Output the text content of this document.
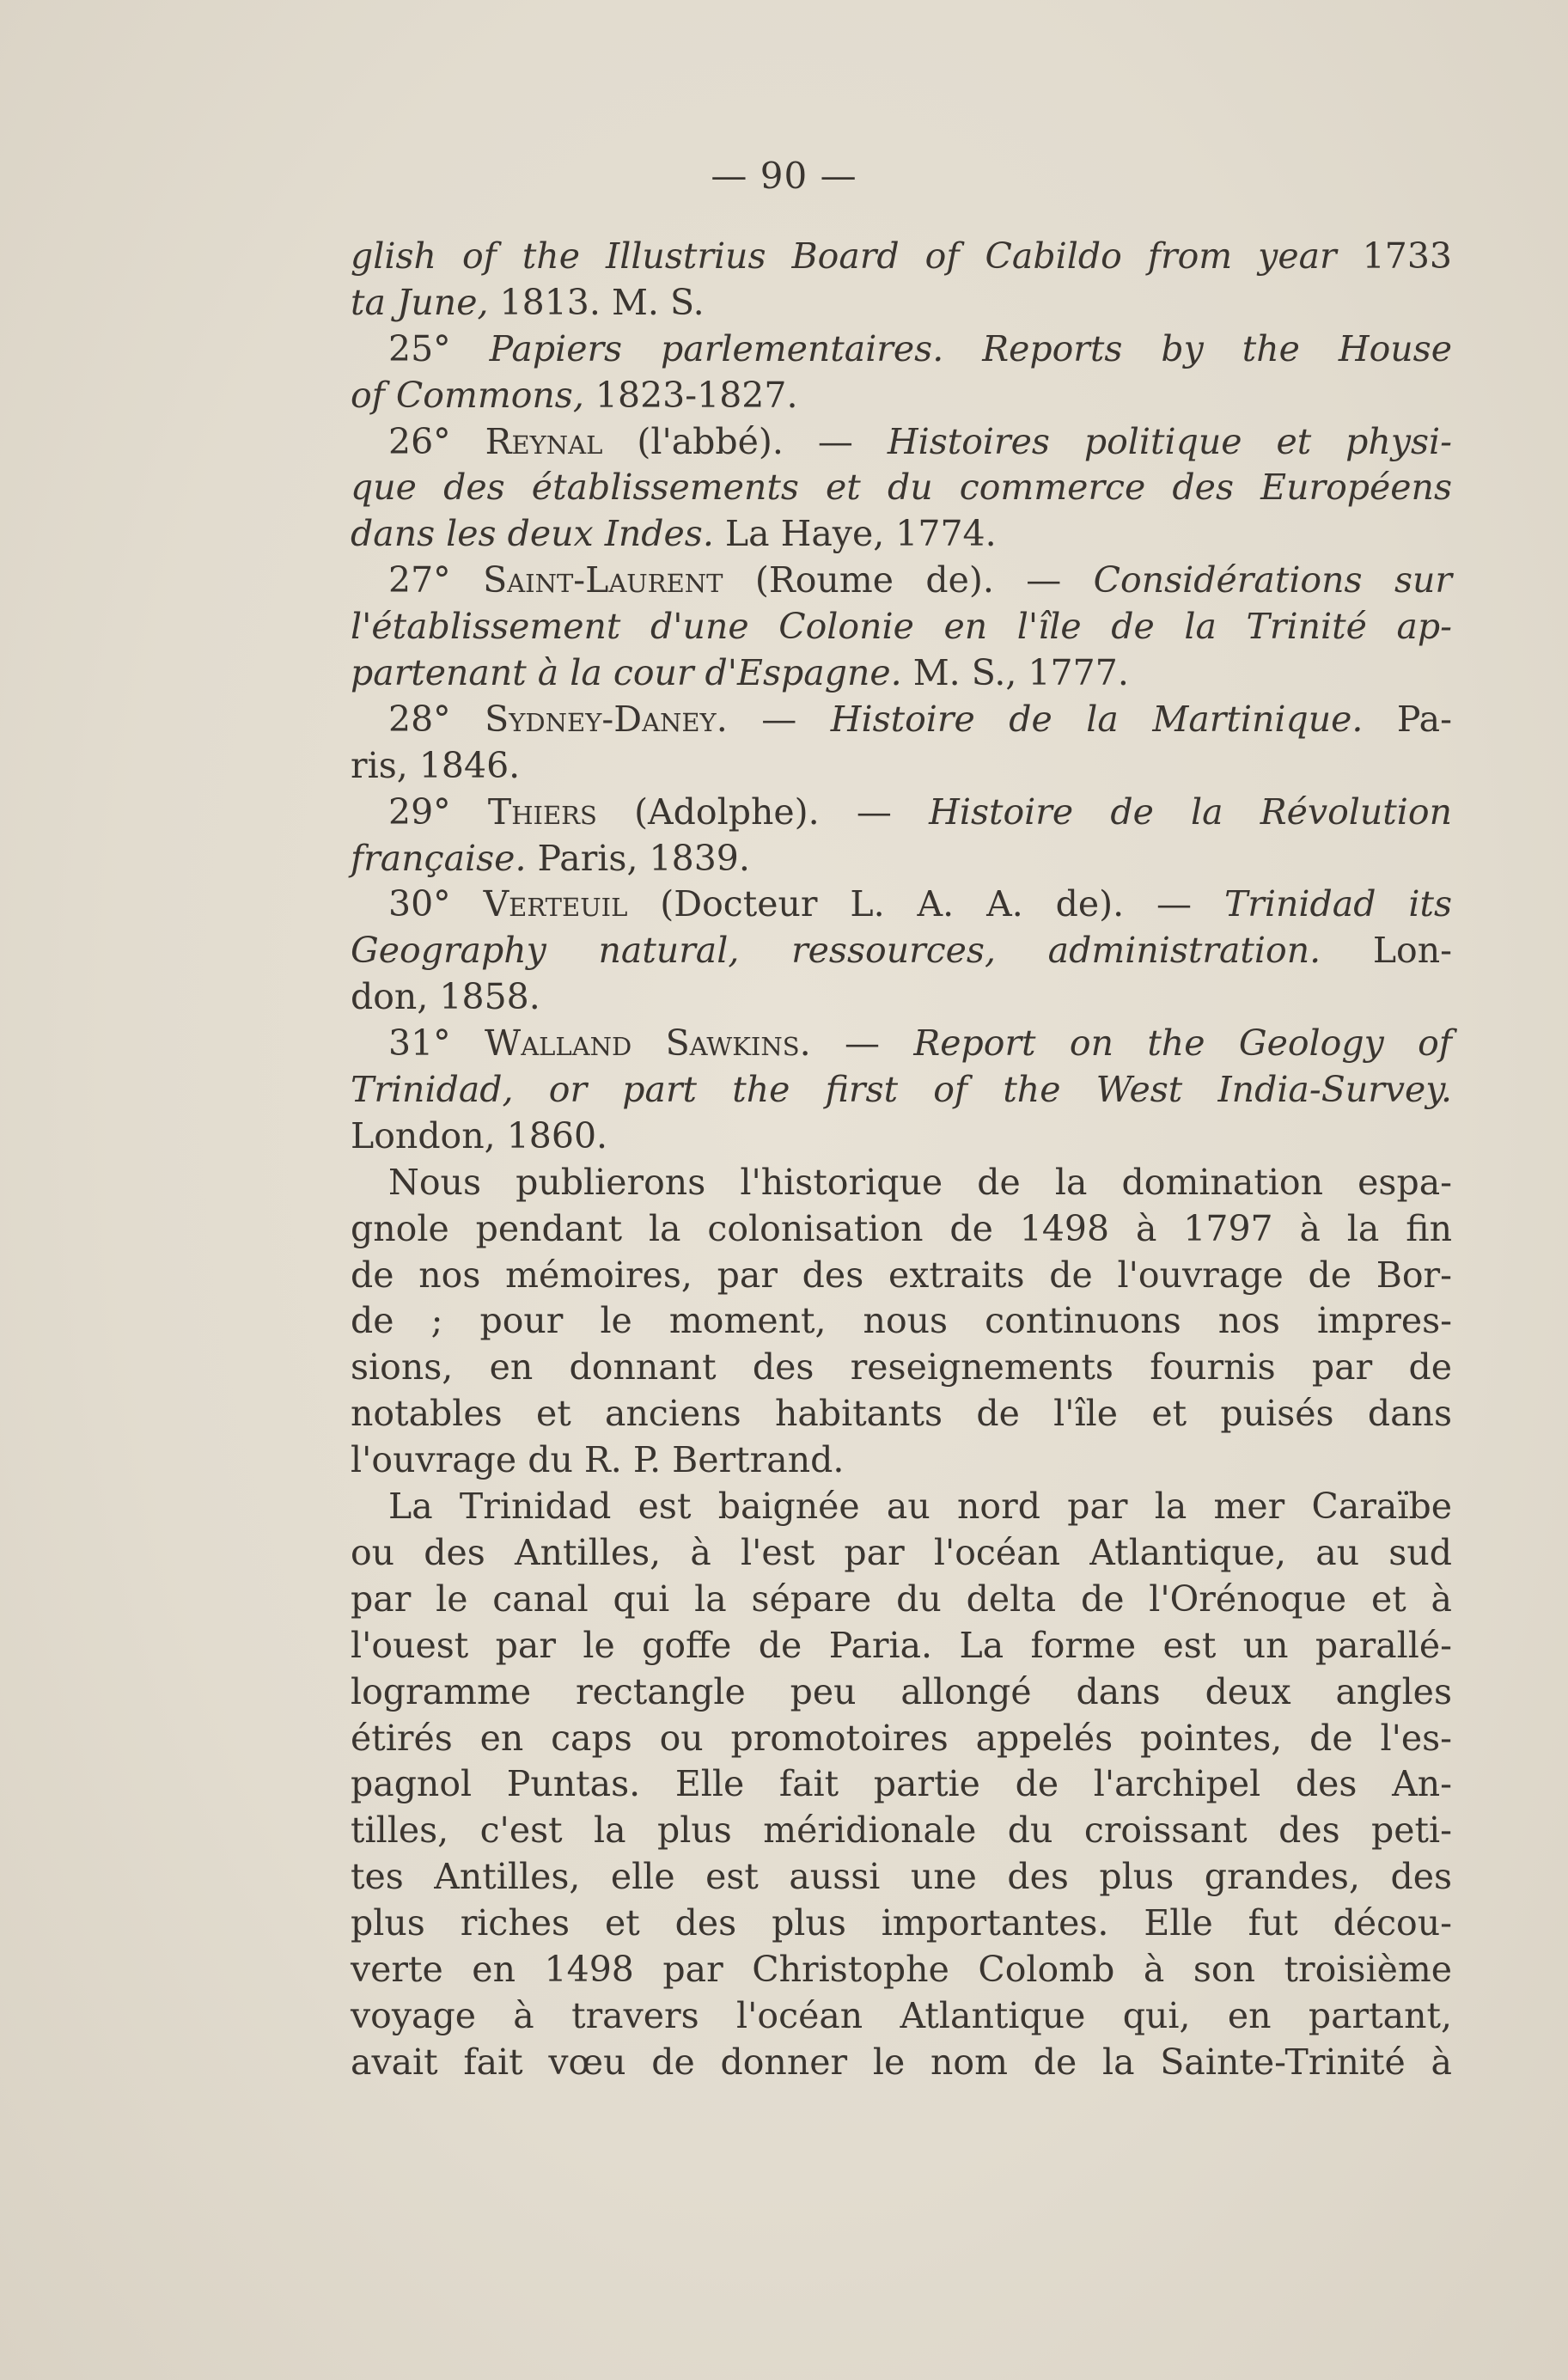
— 90 —
glish of the Illustrius Board of Cabildo from year 1733
ta June, 1813. M. S.
25° Papiers parlementaires. Reports by the House
of Commons, 1823-1827.
26° Reynal (l'abbé). — Histoires politique et physi-
que des établissements et du commerce des Européens
dans les deux Indes. La Haye, 1774.
27° Saint-Laurent (Roume de). — Considérations sur
l'établissement d'une Colonie en l'île de la Trinité ap-
partenant à la cour d'Espagne. M. S., 1777.
28° Sydney-Daney. — Histoire de la Martinique. Pa-
ris, 1846.
29° Thiers (Adolphe). — Histoire de la Révolution
française. Paris, 1839.
30° Verteuil (Docteur L. A. A. de). — Trinidad its
Geography natural, ressources, administration. Lon-
don, 1858.
31° Walland Sawkins. — Report on the Geology of
Trinidad, or part the first of the West India-Survey.
London, 1860.
Nous publierons l'historique de la domination espa-
gnole pendant la colonisation de 1498 à 1797 à la fin
de nos mémoires, par des extraits de l'ouvrage de Bor-
de ; pour le moment, nous continuons nos impres-
sions, en donnant des reseignements fournis par de
notables et anciens habitants de l'île et puisés dans
l'ouvrage du R. P. Bertrand.
La Trinidad est baignée au nord par la mer Caraïbe
ou des Antilles, à l'est par l'océan Atlantique, au sud
par le canal qui la sépare du delta de l'Orénoque et à
l'ouest par le goffe de Paria. La forme est un parallé-
logramme rectangle peu allongé dans deux angles
étirés en caps ou promotoires appelés pointes, de l'es-
pagnol Puntas. Elle fait partie de l'archipel des An-
tilles, c'est la plus méridionale du croissant des peti-
tes Antilles, elle est aussi une des plus grandes, des
plus riches et des plus importantes. Elle fut décou-
verte en 1498 par Christophe Colomb à son troisième
voyage à travers l'océan Atlantique qui, en partant,
avait fait vœu de donner le nom de la Sainte-Trinité à
